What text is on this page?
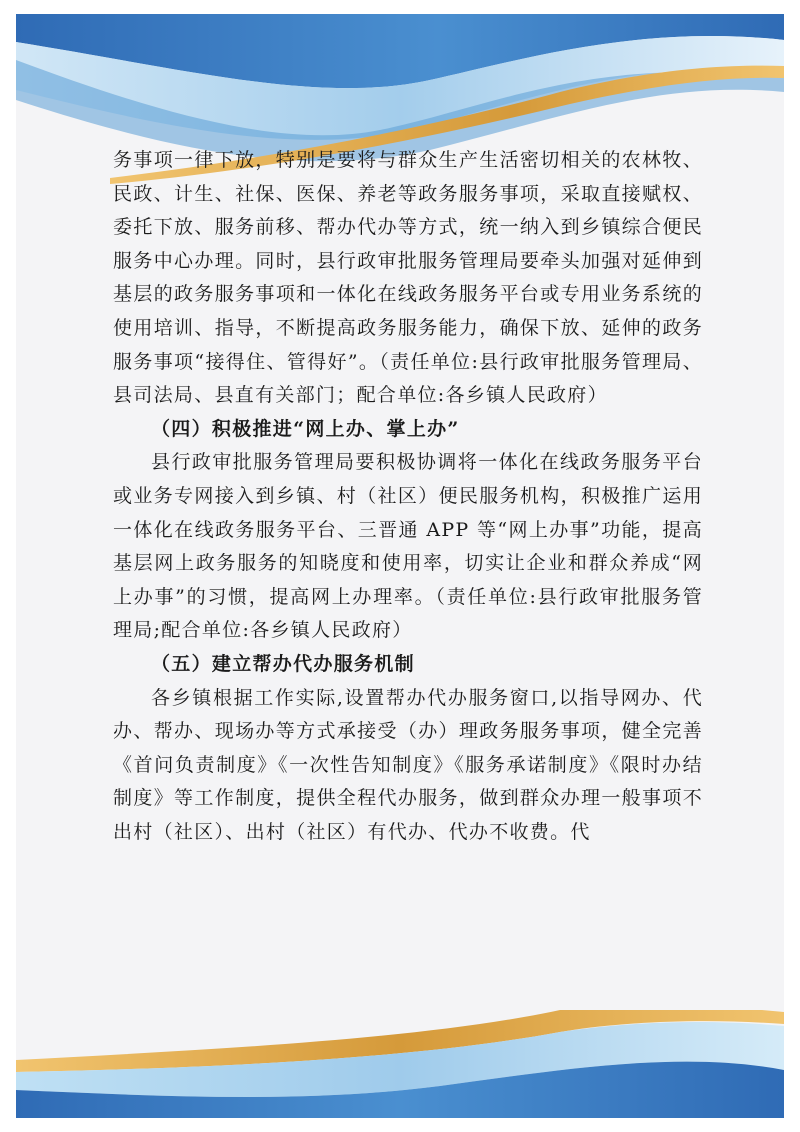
务事项一律下放，特别是要将与群众生产生活密切相关的农林牧、民政、计生、社保、医保、养老等政务服务事项，采取直接赋权、委托下放、服务前移、帮办代办等方式，统一纳入到乡镇综合便民服务中心办理。同时，县行政审批服务管理局要牵头加强对延伸到基层的政务服务事项和一体化在线政务服务平台或专用业务系统的使用培训、指导，不断提高政务服务能力，确保下放、延伸的政务服务事项“接得住、管得好”。（责任单位:县行政审批服务管理局、县司法局、县直有关部门；配合单位:各乡镇人民政府）

（四）积极推进“网上办、掌上办”

县行政审批服务管理局要积极协调将一体化在线政务服务平台或业务专网接入到乡镇、村（社区）便民服务机构，积极推广运用一体化在线政务服务平台、三晋通 APP 等“网上办事”功能，提高基层网上政务服务的知晓度和使用率，切实让企业和群众养成“网上办事”的习惯，提高网上办理率。（责任单位:县行政审批服务管理局;配合单位:各乡镇人民政府）

（五）建立帮办代办服务机制

各乡镇根据工作实际,设置帮办代办服务窗口,以指导网办、代办、帮办、现场办等方式承接受（办）理政务服务事项，健全完善《首问负责制度》《一次性告知制度》《服务承诺制度》《限时办结制度》等工作制度，提供全程代办服务，做到群众办理一般事项不出村（社区）、出村（社区）有代办、代办不收费。代
